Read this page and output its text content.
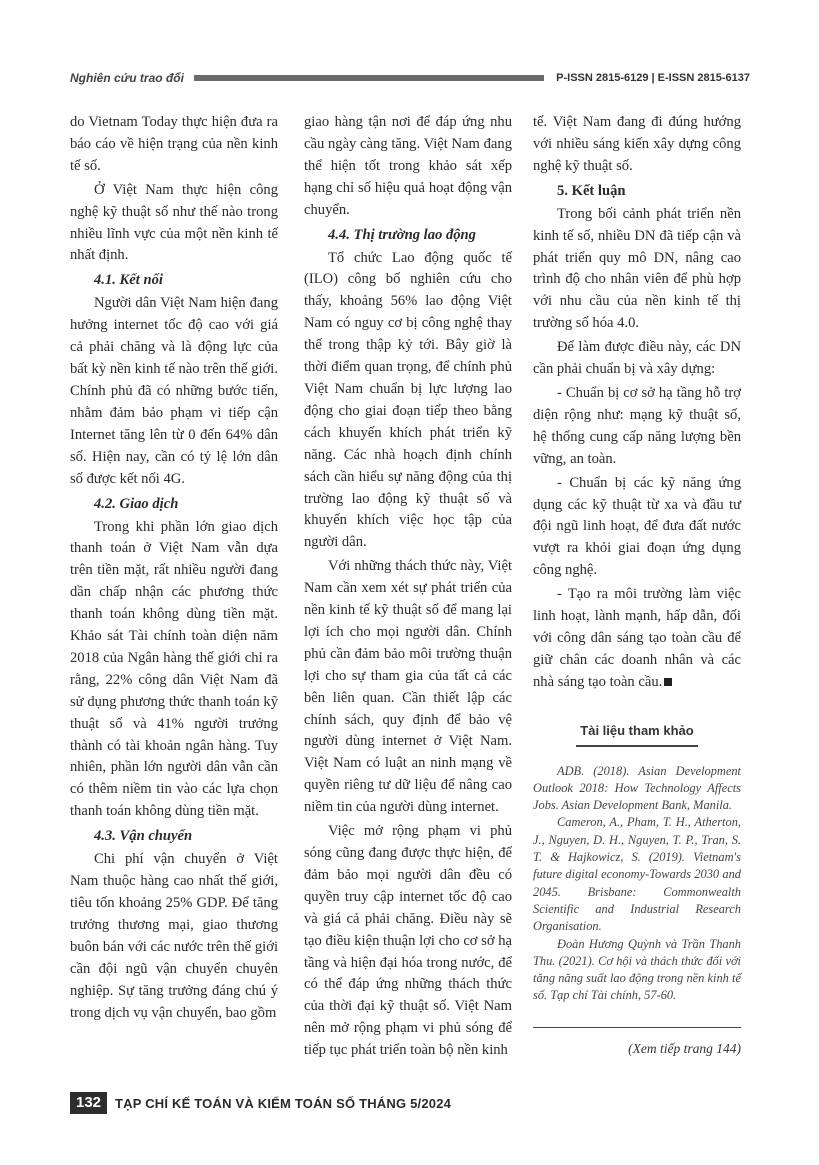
Nghiên cứu trao đổi	P-ISSN 2815-6129 | E-ISSN 2815-6137

do Vietnam Today thực hiện đưa ra báo cáo về hiện trạng của nền kinh tế số.

Ở Việt Nam thực hiện công nghệ kỹ thuật số như thế nào trong nhiều lĩnh vực của một nền kinh tế nhất định.

4.1. Kết nối

Người dân Việt Nam hiện đang hưởng internet tốc độ cao với giá cả phải chăng và là động lực của bất kỳ nền kinh tế nào trên thế giới. Chính phủ đã có những bước tiến, nhằm đảm bảo phạm vi tiếp cận Internet tăng lên từ 0 đến 64% dân số. Hiện nay, cần có tỷ lệ lớn dân số được kết nối 4G.

4.2. Giao dịch

Trong khi phần lớn giao dịch thanh toán ở Việt Nam vẫn dựa trên tiền mặt, rất nhiều người đang dần chấp nhận các phương thức thanh toán không dùng tiền mặt. Khảo sát Tài chính toàn diện năm 2018 của Ngân hàng thế giới chỉ ra rằng, 22% công dân Việt Nam đã sử dụng phương thức thanh toán kỹ thuật số và 41% người trưởng thành có tài khoản ngân hàng. Tuy nhiên, phần lớn người dân vẫn cần có thêm niềm tin vào các lựa chọn thanh toán không dùng tiền mặt.

4.3. Vận chuyển

Chi phí vận chuyển ở Việt Nam thuộc hàng cao nhất thế giới, tiêu tốn khoảng 25% GDP. Để tăng trưởng thương mại, giao thương buôn bán với các nước trên thế giới cần đội ngũ vận chuyển chuyên nghiệp. Sự tăng trưởng đáng chú ý trong dịch vụ vận chuyển, bao gồm

giao hàng tận nơi để đáp ứng nhu cầu ngày càng tăng. Việt Nam đang thể hiện tốt trong khảo sát xếp hạng chỉ số hiệu quả hoạt động vận chuyển.

4.4. Thị trường lao động

Tổ chức Lao động quốc tế (ILO) công bố nghiên cứu cho thấy, khoảng 56% lao động Việt Nam có nguy cơ bị công nghệ thay thế trong thập kỷ tới. Bây giờ là thời điểm quan trọng, để chính phủ Việt Nam chuẩn bị lực lượng lao động cho giai đoạn tiếp theo bằng cách khuyến khích phát triển kỹ năng. Các nhà hoạch định chính sách cần hiểu sự năng động của thị trường lao động kỹ thuật số và khuyến khích việc học tập của người dân.

Với những thách thức này, Việt Nam cần xem xét sự phát triển của nền kinh tế kỹ thuật số để mang lại lợi ích cho mọi người dân. Chính phủ cần đảm bảo môi trường thuận lợi cho sự tham gia của tất cả các bên liên quan. Cần thiết lập các chính sách, quy định để bảo vệ người dùng internet ở Việt Nam. Việt Nam có luật an ninh mạng về quyền riêng tư dữ liệu để nâng cao niềm tin của người dùng internet.

Việc mở rộng phạm vi phủ sóng cũng đang được thực hiện, để đảm bảo mọi người dân đều có quyền truy cập internet tốc độ cao và giá cả phải chăng. Điều này sẽ tạo điều kiện thuận lợi cho cơ sở hạ tầng và hiện đại hóa trong nước, để có thể đáp ứng những thách thức của thời đại kỹ thuật số. Việt Nam nên mở rộng phạm vi phủ sóng để tiếp tục phát triển toàn bộ nền kinh

tế. Việt Nam đang đi đúng hướng với nhiều sáng kiến xây dựng công nghệ kỹ thuật số.

5. Kết luận

Trong bối cảnh phát triển nền kinh tế số, nhiều DN đã tiếp cận và phát triển quy mô DN, nâng cao trình độ cho nhân viên để phù hợp với nhu cầu của nền kinh tế thị trường số hóa 4.0.

Để làm được điều này, các DN cần phải chuẩn bị và xây dựng:

- Chuẩn bị cơ sở hạ tầng hỗ trợ diện rộng như: mạng kỹ thuật số, hệ thống cung cấp năng lượng bền vững, an toàn.

- Chuẩn bị các kỹ năng ứng dụng các kỹ thuật từ xa và đầu tư đội ngũ linh hoạt, để đưa đất nước vượt ra khỏi giai đoạn ứng dụng công nghệ.

- Tạo ra môi trường làm việc linh hoạt, lành mạnh, hấp dẫn, đối với công dân sáng tạo toàn cầu để giữ chân các doanh nhân và các nhà sáng tạo toàn cầu.

Tài liệu tham khảo

ADB. (2018). Asian Development Outlook 2018: How Technology Affects Jobs. Asian Development Bank, Manila.

Cameron, A., Pham, T. H., Atherton, J., Nguyen, D. H., Nguyen, T. P., Tran, S. T. & Hajkowicz, S. (2019). Vietnam's future digital economy-Towards 2030 and 2045. Brisbane: Commonwealth Scientific and Industrial Research Organisation.

Đoàn Hương Quỳnh và Trần Thanh Thu. (2021). Cơ hội và thách thức đối với tăng năng suất lao động trong nền kinh tế số. Tạp chí Tài chính, 57-60.

(Xem tiếp trang 144)
132	TẠP CHÍ KẾ TOÁN VÀ KIỂM TOÁN SỐ THÁNG 5/2024
